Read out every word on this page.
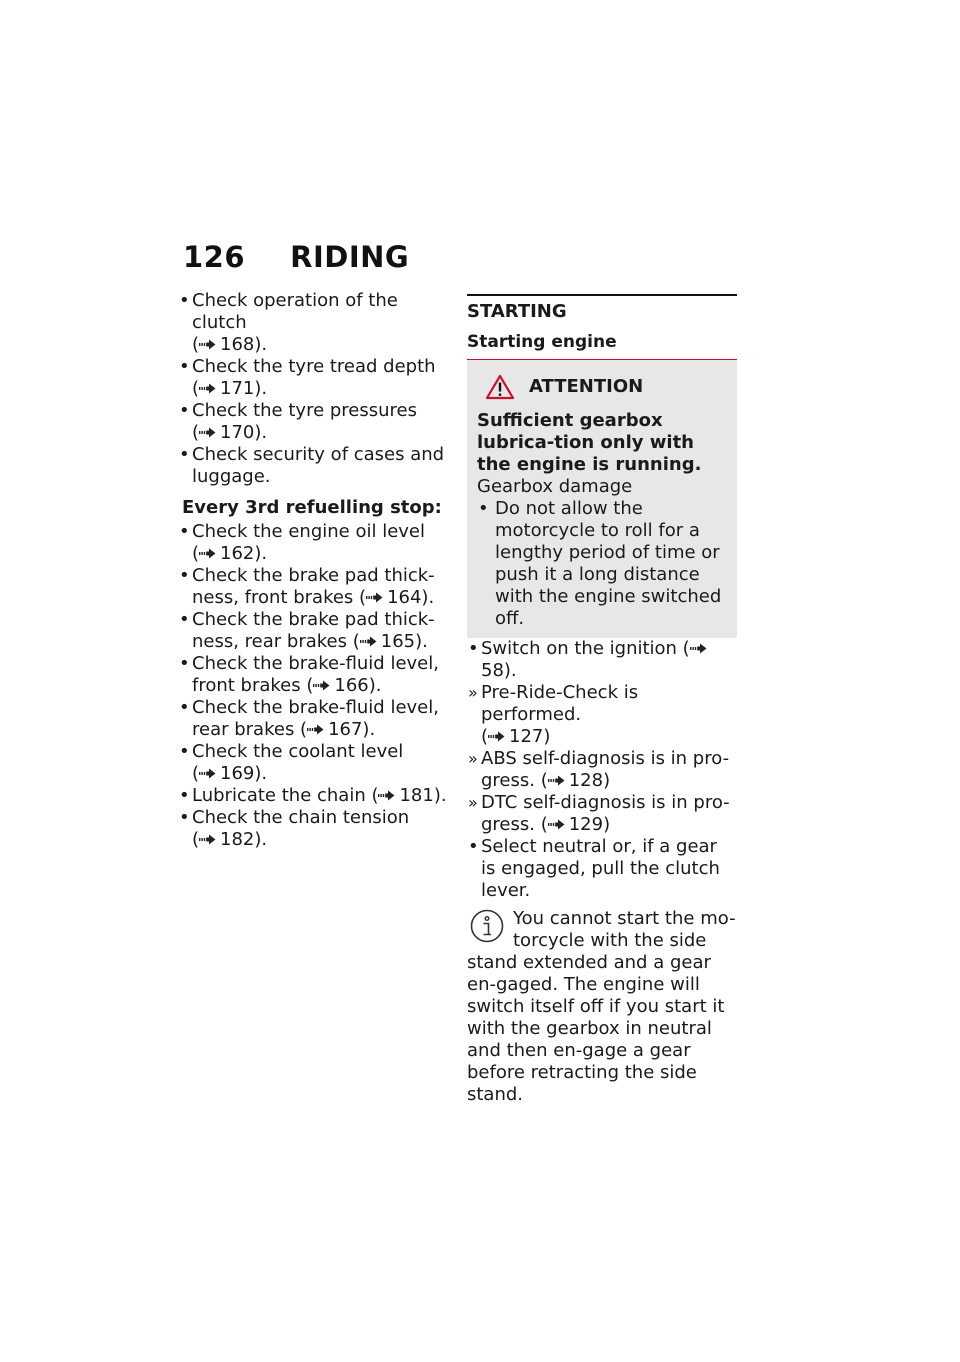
126 RIDING
• Check operation of the clutch
( 168).
• Check the tyre tread depth
( 171).
• Check the tyre pressures
( 170).
• Check security of cases and
luggage.
Every 3rd refuelling stop:
• Check the engine oil level
( 162).
• Check the brake pad thick-
ness, front brakes ( 164).
• Check the brake pad thick-
ness, rear brakes ( 165).
• Check the brake-fluid level,
front brakes ( 166).
• Check the brake-fluid level,
rear brakes ( 167).
• Check the coolant level
( 169).
• Lubricate the chain ( 181).
• Check the chain tension
( 182).
STARTING
Starting engine
ATTENTION
Sufficient gearbox lubrica-tion only with the engine is running.
Gearbox damage
• Do not allow the motorcycle to roll for a lengthy period of time or push it a long distance with the engine switched off.
• Switch on the ignition (58).
» Pre-Ride-Check is performed.
( 127)
» ABS self-diagnosis is in pro-gress. ( 128)
» DTC self-diagnosis is in pro-gress. ( 129)
• Select neutral or, if a gear is engaged, pull the clutch lever.
You cannot start the mo-torcycle with the side stand extended and a gear en-gaged. The engine will switch itself off if you start it with the gearbox in neutral and then en-gage a gear before retracting the side stand.
